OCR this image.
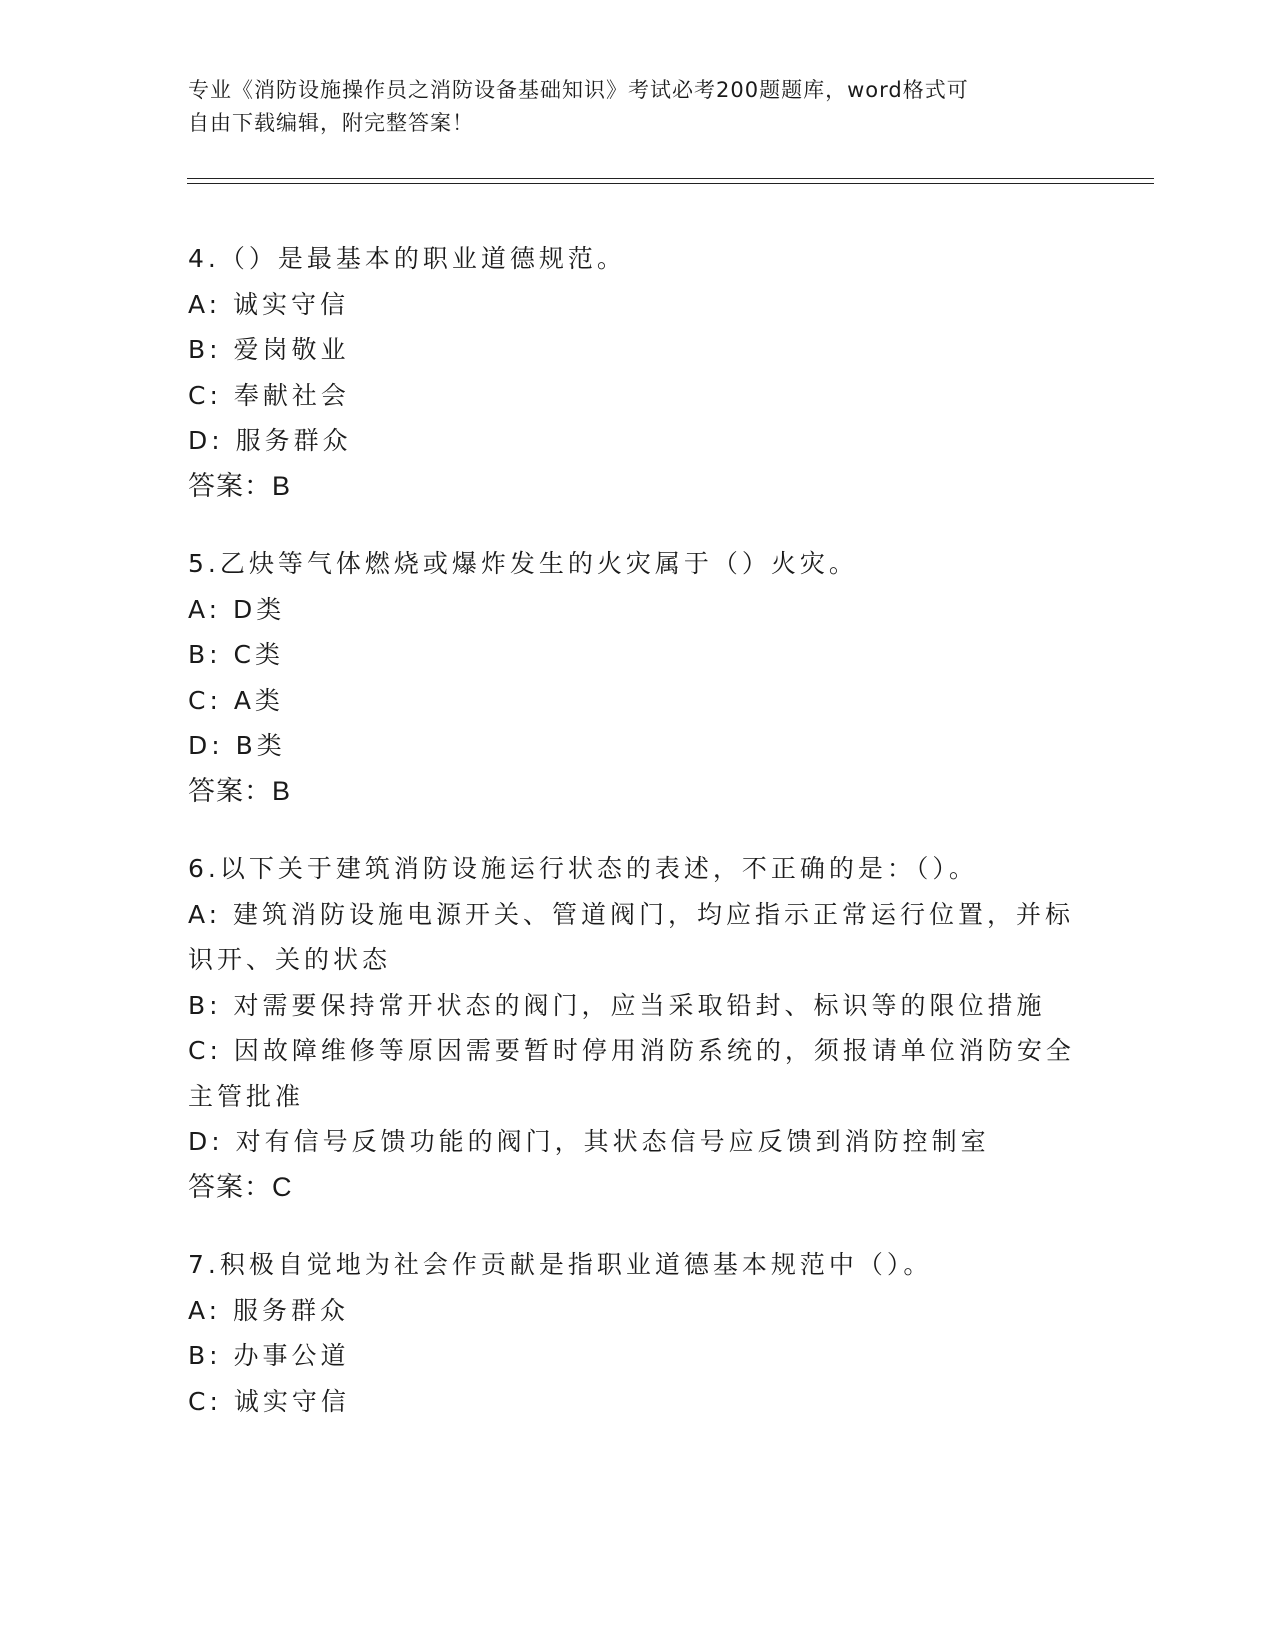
专业《消防设施操作员之消防设备基础知识》考试必考200题题库，word格式可
自由下载编辑，附完整答案！
4.（）是最基本的职业道德规范。
A: 诚实守信
B: 爱岗敬业
C: 奉献社会
D: 服务群众
答案：B
5.乙炔等气体燃烧或爆炸发生的火灾属于（）火灾。
A: D类
B: C类
C: A类
D: B类
答案：B
6.以下关于建筑消防设施运行状态的表述，不正确的是：（）。
A: 建筑消防设施电源开关、管道阀门，均应指示正常运行位置，并标识开、关的状态
B: 对需要保持常开状态的阀门，应当采取铅封、标识等的限位措施
C: 因故障维修等原因需要暂时停用消防系统的，须报请单位消防安全主管批准
D: 对有信号反馈功能的阀门，其状态信号应反馈到消防控制室
答案：C
7.积极自觉地为社会作贡献是指职业道德基本规范中（）。
A: 服务群众
B: 办事公道
C: 诚实守信
